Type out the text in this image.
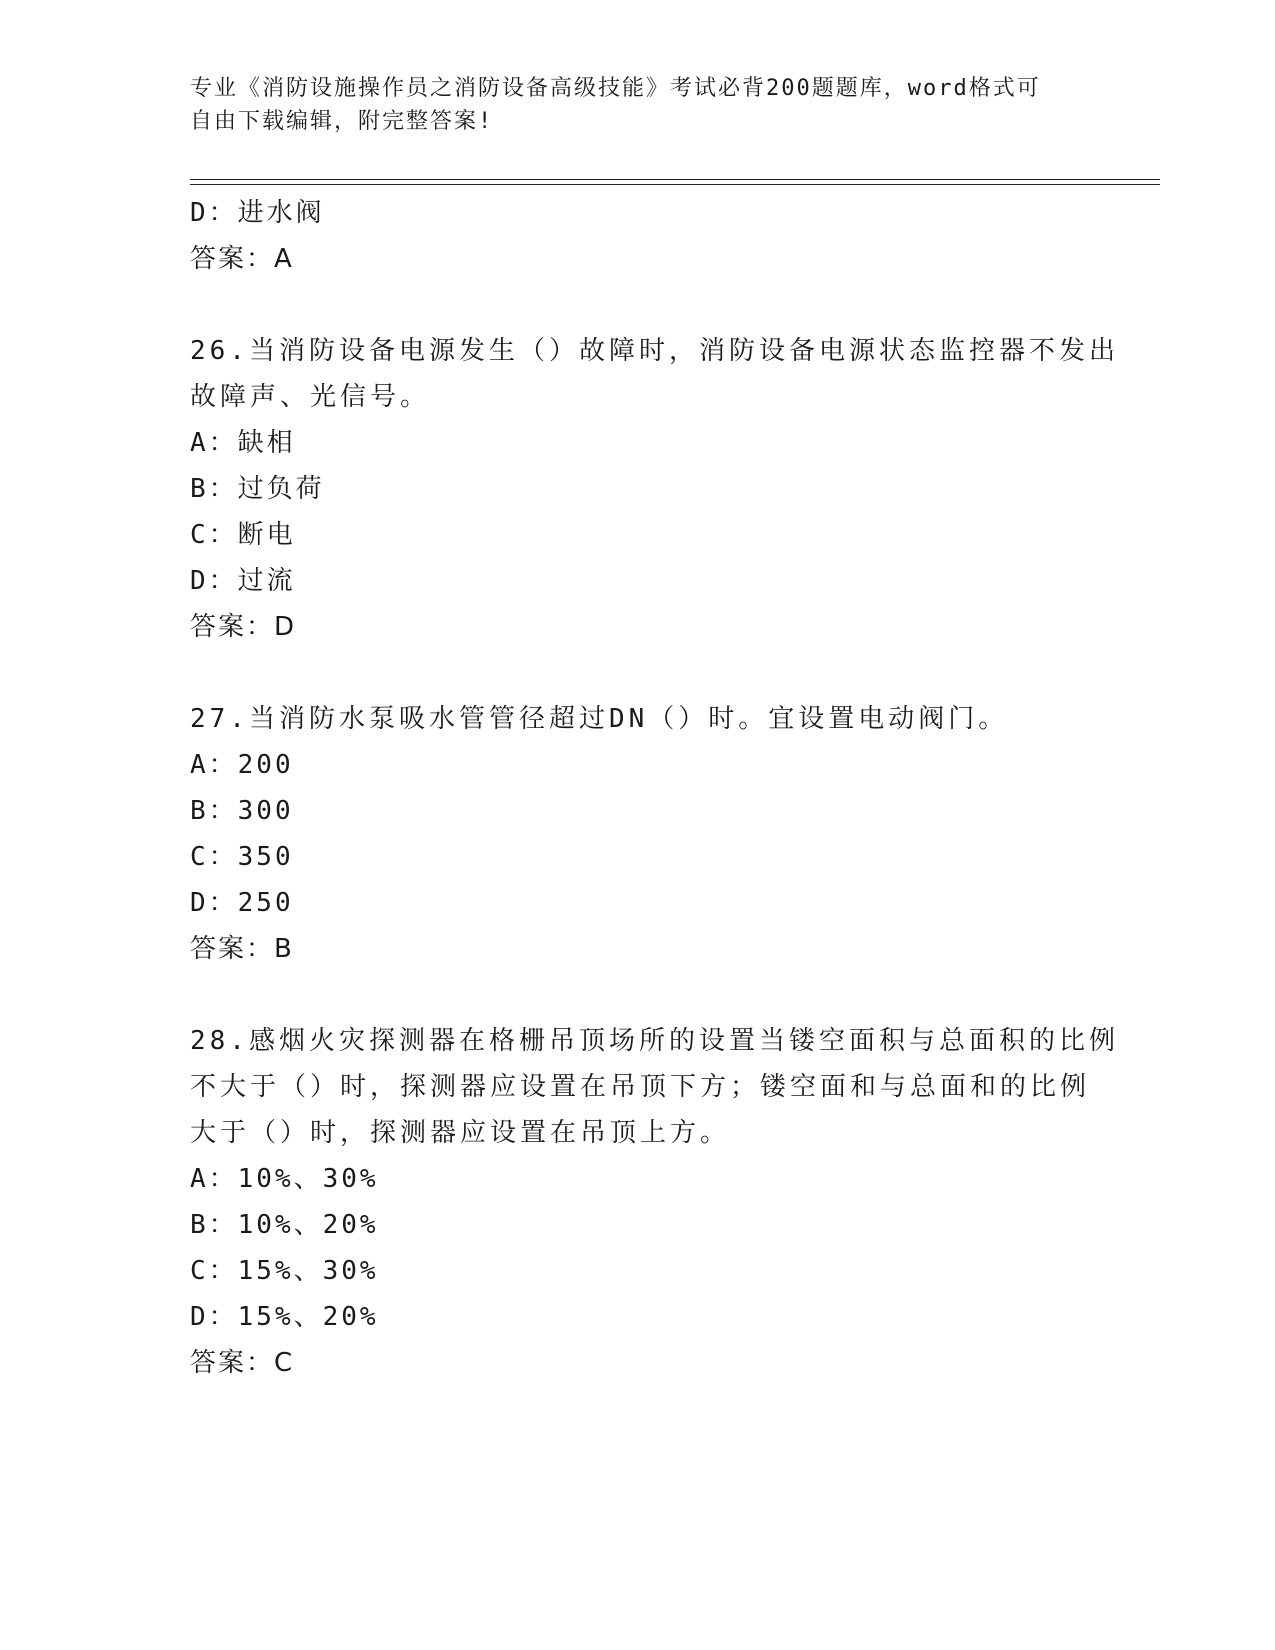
专业《消防设施操作员之消防设备高级技能》考试必背200题题库，word格式可
自由下载编辑，附完整答案!
D：进水阀
答案：A
26.当消防设备电源发生（）故障时，消防设备电源状态监控器不发出
故障声、光信号。
A：缺相
B：过负荷
C：断电
D：过流
答案：D
27.当消防水泵吸水管管径超过DN（）时。宜设置电动阀门。
A：200
B：300
C：350
D：250
答案：B
28.感烟火灾探测器在格栅吊顶场所的设置当镂空面积与总面积的比例
不大于（）时，探测器应设置在吊顶下方；镂空面和与总面和的比例
大于（）时，探测器应设置在吊顶上方。
A：10%、30%
B：10%、20%
C：15%、30%
D：15%、20%
答案：C
